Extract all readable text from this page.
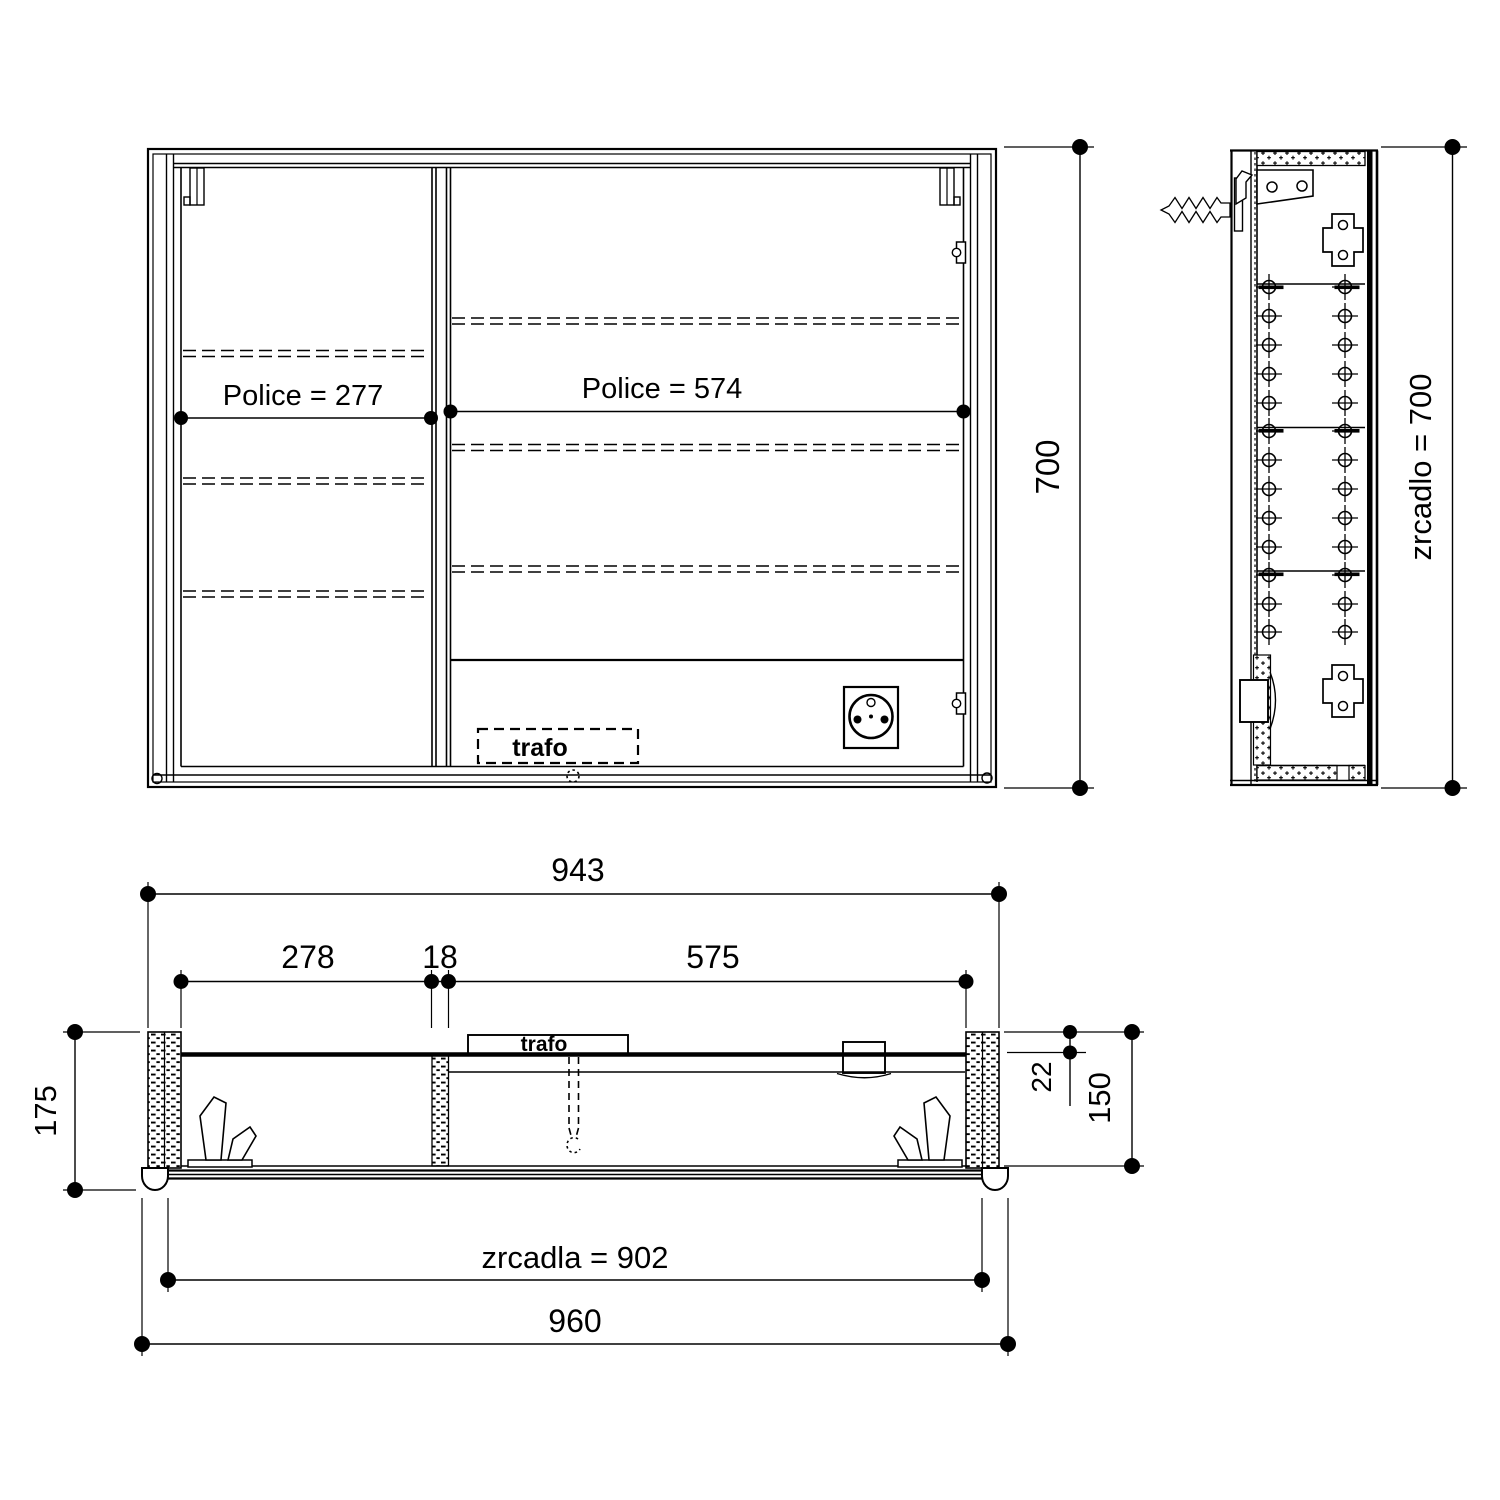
Police = 277	Police = 574
trafo
700	zrcadlo = 700
943
278	18	575
trafo
175
22 150
zrcadla = 902
960
